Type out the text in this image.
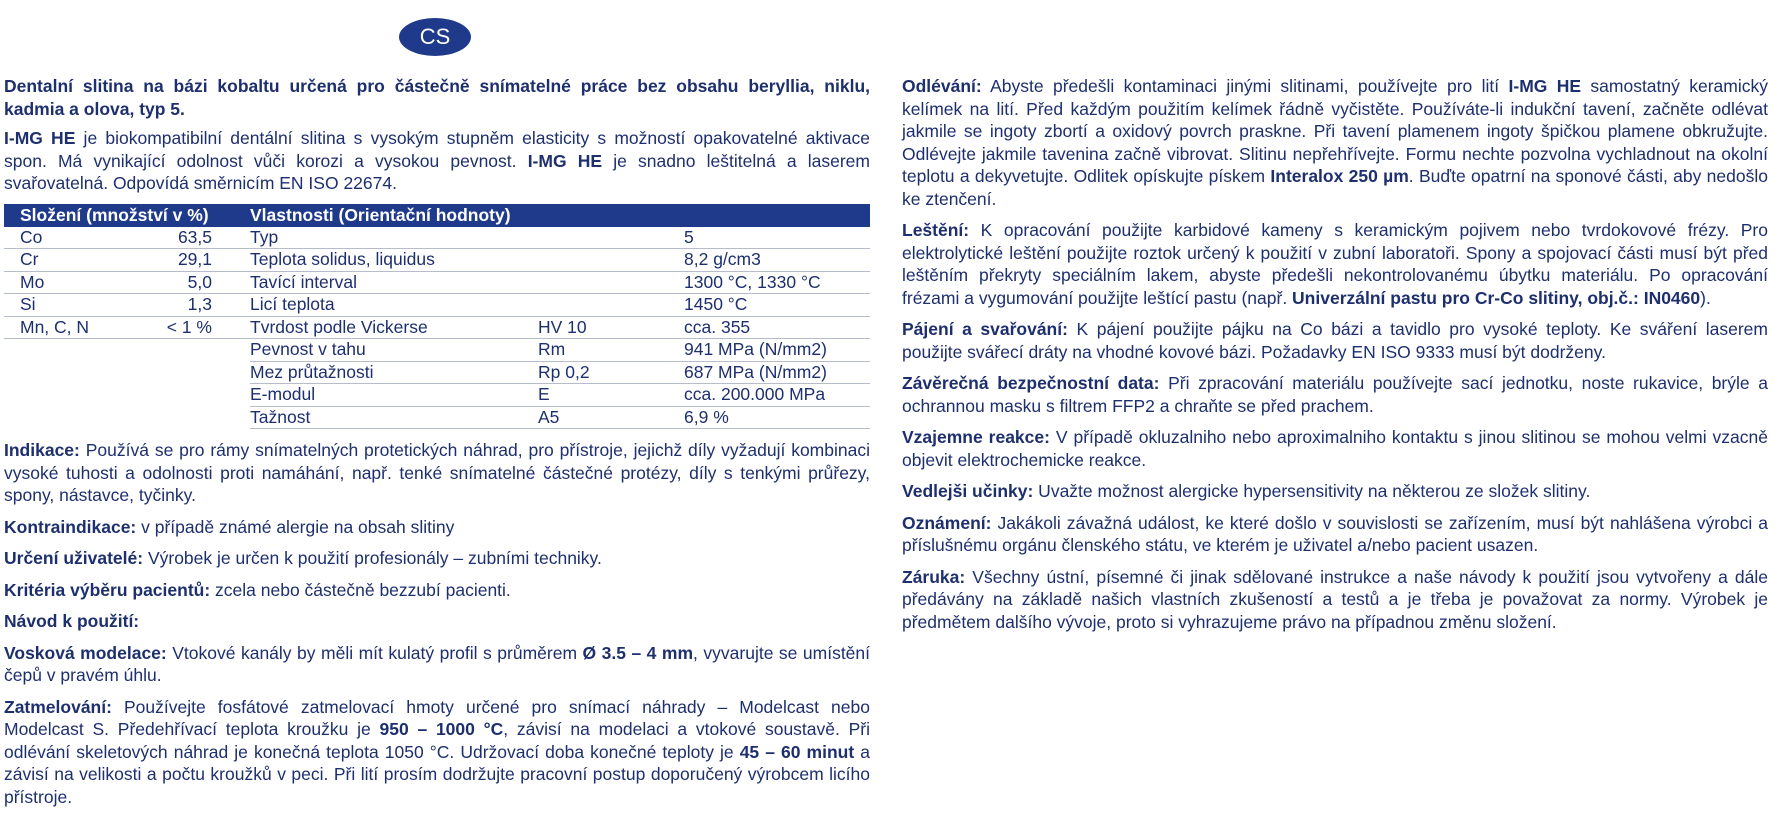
CS

Dentalní slitina na bázi kobaltu určená pro částečně snímatelné práce bez obsahu beryllia, niklu, kadmia a olova, typ 5.

I-MG HE je biokompatibilní dentální slitina s vysokým stupněm elasticity s možností opakovatelné aktivace spon. Má vynikající odolnost vůči korozi a vysokou pevnost. I-MG HE je snadno leštitelná a laserem svařovatelná. Odpovídá směrnicím EN ISO 22674.

Složení (množství v %)		Vlastnosti (Orientační hodnoty)		
Co	63,5	Typ		5
Cr	29,1	Teplota solidus, liquidus		8,2 g/cm3
Mo	5,0	Tavící interval		1300 °C, 1330 °C
Si	1,3	Licí teplota		1450 °C
Mn, C, N	< 1 %	Tvrdost podle Vickerse	HV 10	cca. 355
		Pevnost v tahu	Rm	941 MPa (N/mm2)
		Mez průtažnosti	Rp 0,2	687 MPa (N/mm2)
		E-modul	E	cca. 200.000 MPa
		Tažnost	A5	6,9 %

Indikace: Používá se pro rámy snímatelných protetických náhrad, pro přístroje, jejichž díly vyžadují kombinaci vysoké tuhosti a odolnosti proti namáhání, např. tenké snímatelné částečné protézy, díly s tenkými průřezy, spony, nástavce, tyčinky.

Kontraindikace: v případě známé alergie na obsah slitiny

Určení uživatelé: Výrobek je určen k použití profesionály – zubními techniky.

Kritéria výběru pacientů: zcela nebo částečně bezzubí pacienti.

Návod k použití:

Vosková modelace: Vtokové kanály by měli mít kulatý profil s průměrem Ø 3.5 – 4 mm, vyvarujte se umístění čepů v pravém úhlu.

Zatmelování: Používejte fosfátové zatmelovací hmoty určené pro snímací náhrady – Modelcast nebo Modelcast S. Předehřívací teplota kroužku je 950 – 1000 °C, závisí na modelaci a vtokové soustavě. Při odlévání skeletových náhrad je konečná teplota 1050 °C. Udržovací doba konečné teploty je 45 – 60 minut a závisí na velikosti a počtu kroužků v peci. Při lití prosím dodržujte pracovní postup doporučený výrobcem licího přístroje.

Odlévání: Abyste předešli kontaminaci jinými slitinami, používejte pro lití I-MG HE samostatný keramický kelímek na lití. Před každým použitím kelímek řádně vyčistěte. Používáte-li indukční tavení, začněte odlévat jakmile se ingoty zbortí a oxidový povrch praskne. Při tavení plamenem ingoty špičkou plamene obkružujte. Odlévejte jakmile tavenina začně vibrovat. Slitinu nepřehřívejte. Formu nechte pozvolna vychladnout na okolní teplotu a dekyvetujte. Odlitek opískujte pískem Interalox 250 µm. Buďte opatrní na sponové části, aby nedošlo ke ztenčení.

Leštění: K opracování použijte karbidové kameny s keramickým pojivem nebo tvrdokovové frézy. Pro elektrolytické leštění použijte roztok určený k použití v zubní laboratoři. Spony a spojovací části musí být před leštěním překryty speciálním lakem, abyste předešli nekontrolovanému úbytku materiálu. Po opracování frézami a vygumování použijte leštící pastu (např. Univerzální pastu pro Cr-Co slitiny, obj.č.: IN0460).

Pájení a svařování: K pájení použijte pájku na Co bázi a tavidlo pro vysoké teploty. Ke sváření laserem použijte svářecí dráty na vhodné kovové bázi. Požadavky EN ISO 9333 musí být dodrženy.

Závěrečná bezpečnostní data: Při zpracování materiálu používejte sací jednotku, noste rukavice, brýle a ochrannou masku s filtrem FFP2 a chraňte se před prachem.

Vzajemne reakce: V případě okluzalniho nebo aproximalniho kontaktu s jinou slitinou se mohou velmi vzacně objevit elektrochemicke reakce.

Vedlejši učinky: Uvažte možnost alergicke hypersensitivity na některou ze složek slitiny.

Oznámení: Jakákoli závažná událost, ke které došlo v souvislosti se zařízením, musí být nahlášena výrobci a příslušnému orgánu členského státu, ve kterém je uživatel a/nebo pacient usazen.

Záruka: Všechny ústní, písemné či jinak sdělované instrukce a naše návody k použití jsou vytvořeny a dále předávány na základě našich vlastních zkušeností a testů a je třeba je považovat za normy. Výrobek je předmětem dalšího vývoje, proto si vyhrazujeme právo na případnou změnu složení.
